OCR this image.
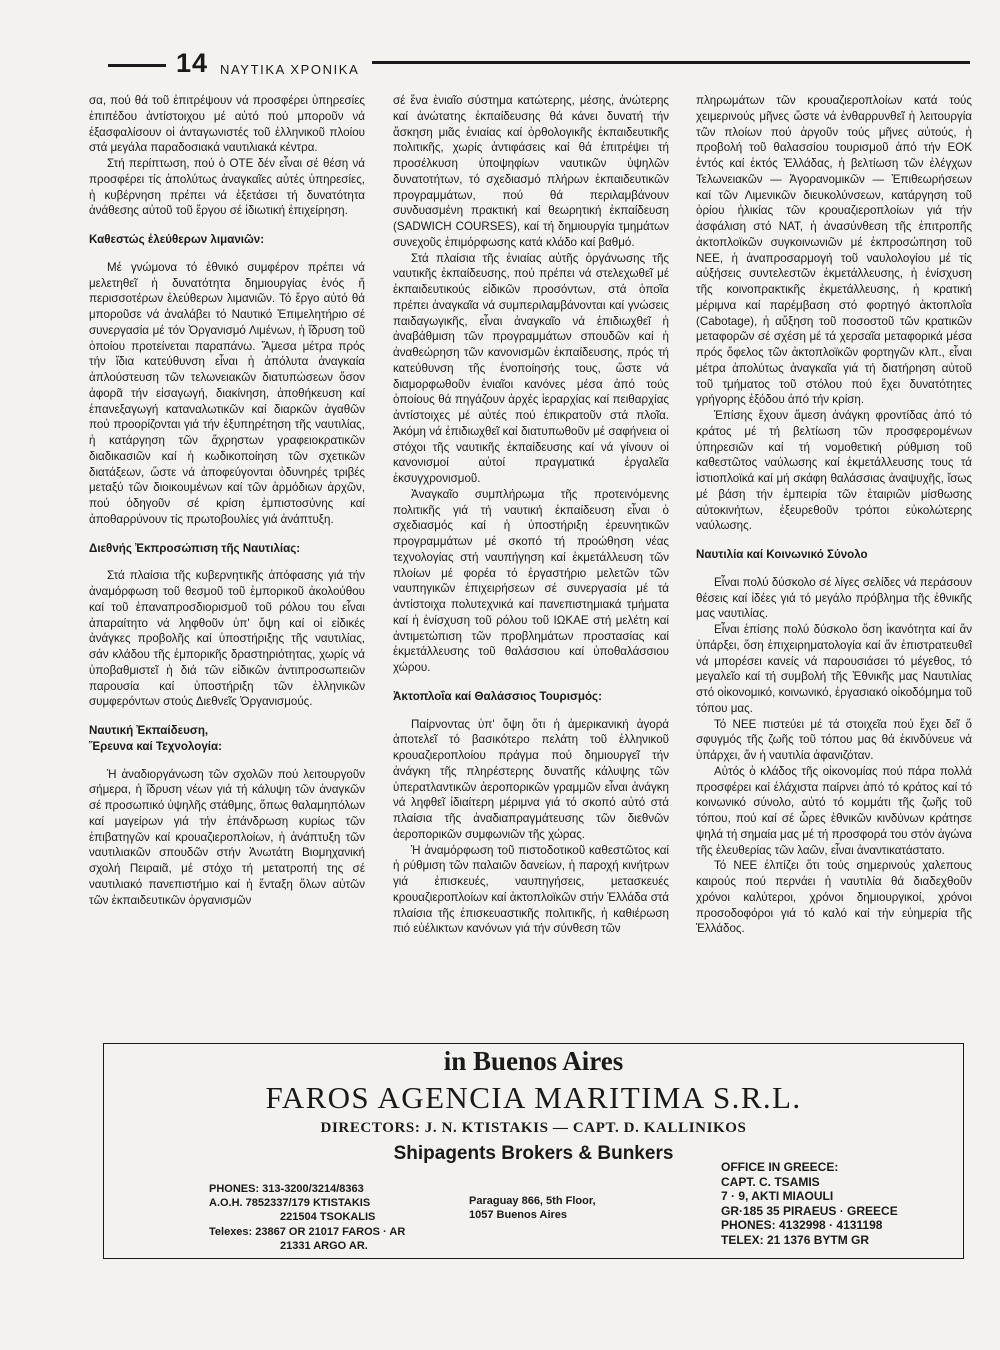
14 ΝΑΥΤΙΚΑ ΧΡΟΝΙΚΑ

σα, πού θά τοῦ ἐπιτρέψουν νά προσφέρει ὑπηρεσίες ἐπιπέδου ἀντίστοιχου μέ αὐτό πού μποροῦν νά ἐξασφαλίσουν οἱ ἀνταγωνιστές τοῦ ἑλληνικοῦ πλοίου στά μεγάλα παραδοσιακά ναυτιλιακά κέντρα.

Στή περίπτωση, πού ὁ ΟΤΕ δέν εἶναι σέ θέση νά προσφέρει τίς ἀπολύτως ἀναγκαῖες αὐτές ὑπηρεσίες, ἡ κυβέρνηση πρέπει νά ἐξετάσει τή δυνατότητα ἀνάθεσης αὐτοῦ τοῦ ἔργου σέ ἰδιωτική ἐπιχείρηση.

Καθεστώς ἐλεύθερων λιμανιῶν:

Μέ γνώμονα τό ἐθνικό συμφέρον πρέπει νά μελετηθεῖ ἡ δυνατότητα δημιουργίας ἑνός ἤ περισσοτέρων ἐλεύθερων λιμανιῶν. Τό ἔργο αὐτό θά μποροῦσε νά ἀναλάβει τό Ναυτικό Ἐπιμελητήριο σέ συνεργασία μέ τόν Ὀργανισμό Λιμένων, ἡ ἵδρυση τοῦ ὁποίου προτείνεται παραπάνω. Ἄμεσα μέτρα πρός τήν ἴδια κατεύθυνση εἶναι ἡ ἀπόλυτα ἀναγκαία ἀπλούστευση τῶν τελωνειακῶν διατυπώσεων ὅσον ἀφορᾶ τήν εἰσαγωγή, διακίνηση, ἀποθήκευση καί ἐπανεξαγωγή καταναλωτικῶν καί διαρκῶν ἀγαθῶν πού προορίζονται γιά τήν ἐξυπηρέτηση τῆς ναυτιλίας, ἡ κατάργηση τῶν ἄχρηστων γραφειοκρατικῶν διαδικασιῶν καί ἡ κωδικοποίηση τῶν σχετικῶν διατάξεων, ὥστε νά ἀποφεύγονται ὀδυνηρές τριβές μεταξύ τῶν διοικουμένων καί τῶν ἁρμόδιων ἀρχῶν, πού ὁδηγοῦν σέ κρίση ἐμπιστοσύνης καί ἀποθαρρύνουν τίς πρωτοβουλίες γιά ἀνάπτυξη.

Διεθνής Ἐκπροσώπιση τῆς Ναυτιλίας:

Στά πλαίσια τῆς κυβερνητικῆς ἀπόφασης γιά τήν ἀναμόρφωση τοῦ θεσμοῦ τοῦ ἐμπορικοῦ ἀκολούθου καί τοῦ ἐπαναπροσδιορισμοῦ τοῦ ρόλου του εἶναι ἀπαραίτητο νά ληφθοῦν ὑπ' ὄψη καί οἱ εἰδικές ἀνάγκες προβολῆς καί ὑποστήριξης τῆς ναυτιλίας, σάν κλάδου τῆς ἐμπορικῆς δραστηριότητας, χωρίς νά ὑποβαθμιστεῖ ἡ διά τῶν εἰδικῶν ἀντιπροσωπειῶν παρουσία καί ὑποστήριξη τῶν ἑλληνικῶν συμφερόντων στούς Διεθνεῖς Ὀργανισμούς.

Ναυτική Ἐκπαίδευση,
Ἔρευνα καί Τεχνολογία:

Ἡ ἀναδιοργάνωση τῶν σχολῶν πού λειτουργοῦν σήμερα, ἡ ἵδρυση νέων γιά τή κάλυψη τῶν ἀναγκῶν σέ προσωπικό ὑψηλῆς στάθμης, ὅπως θαλαμηπόλων καί μαγείρων γιά τήν ἐπάνδρωση κυρίως τῶν ἐπιβατηγῶν καί κρουαζιεροπλοίων, ἡ ἀνάπτυξη τῶν ναυτιλιακῶν σπουδῶν στήν Ἀνωτάτη Βιομηχανική σχολή Πειραιᾶ, μέ στόχο τή μετατροπή της σέ ναυτιλιακό πανεπιστήμιο καί ἡ ἔνταξη ὅλων αὐτῶν τῶν ἐκπαιδευτικῶν ὀργανισμῶν

σέ ἕνα ἑνιαῖο σύστημα κατώτερης, μέσης, ἀνώτερης καί ἀνώτατης ἐκπαίδευσης θά κάνει δυνατή τήν ἄσκηση μιᾶς ἑνιαίας καί ὀρθολογικῆς ἐκπαιδευτικῆς πολιτικῆς, χωρίς ἀντιφάσεις καί θά ἐπιτρέψει τή προσέλκυση ὑποψηφίων ναυτικῶν ὑψηλῶν δυνατοτήτων, τό σχεδιασμό πλήρων ἐκπαιδευτικῶν προγραμμάτων, πού θά περιλαμβάνουν συνδυασμένη πρακτική καί θεωρητική ἐκπαίδευση (SADWICH COURSES), καί τή δημιουργία τμημάτων συνεχοῦς ἐπιμόρφωσης κατά κλάδο καί βαθμό.

Στά πλαίσια τῆς ἑνιαίας αὐτῆς ὀργάνωσης τῆς ναυτικῆς ἐκπαίδευσης, πού πρέπει νά στελεχωθεῖ μέ ἐκπαιδευτικούς εἰδικῶν προσόντων, στά ὁποῖα πρέπει ἀναγκαῖα νά συμπεριλαμβάνονται καί γνώσεις παιδαγωγικῆς, εἶναι ἀναγκαῖο νά ἐπιδιωχθεῖ ἡ ἀναβάθμιση τῶν προγραμμάτων σπουδῶν καί ἡ ἀναθεώρηση τῶν κανονισμῶν ἐκπαίδευσης, πρός τή κατεύθυνση τῆς ἑνοποίησής τους, ὥστε νά διαμορφωθοῦν ἑνιαῖοι κανόνες μέσα ἀπό τούς ὁποίους θά πηγάζουν ἀρχές ἱεραρχίας καί πειθαρχίας ἀντίστοιχες μέ αὐτές πού ἐπικρατοῦν στά πλοῖα. Ἀκόμη νά ἐπιδιωχθεῖ καί διατυπωθοῦν μέ σαφήνεια οἱ στόχοι τῆς ναυτικῆς ἐκπαίδευσης καί νά γίνουν οἱ κανονισμοί αὐτοί πραγματικά ἐργαλεῖα ἐκσυγχρονισμοῦ.

Ἀναγκαῖο συμπλήρωμα τῆς προτεινόμενης πολιτικῆς γιά τή ναυτική ἐκπαίδευση εἶναι ὁ σχεδιασμός καί ἡ ὑποστήριξη ἐρευνητικῶν προγραμμάτων μέ σκοπό τή προώθηση νέας τεχνολογίας στή ναυπήγηση καί ἐκμετάλλευση τῶν πλοίων μέ φορέα τό ἐργαστήριο μελετῶν τῶν ναυπηγικῶν ἐπιχειρήσεων σέ συνεργασία μέ τά ἀντίστοιχα πολυτεχνικά καί πανεπιστημιακά τμήματα καί ἡ ἐνίσχυση τοῦ ρόλου τοῦ ΙΩΚΑΕ στή μελέτη καί ἀντιμετώπιση τῶν προβλημάτων προστασίας καί ἐκμετάλλευσης τοῦ θαλάσσιου καί ὑποθαλάσσιου χώρου.

Ἀκτοπλοΐα καί Θαλάσσιος Τουρισμός:

Παίρνοντας ὑπ' ὄψη ὅτι ἡ ἀμερικανική ἀγορά ἀποτελεῖ τό βασικότερο πελάτη τοῦ ἑλληνικοῦ κρουαζιεροπλοίου πράγμα πού δημιουργεῖ τήν ἀνάγκη τῆς πληρέστερης δυνατῆς κάλυψης τῶν ὑπερατλαντικῶν ἀεροπορικῶν γραμμῶν εἶναι ἀνάγκη νά ληφθεῖ ἰδιαίτερη μέριμνα γιά τό σκοπό αὐτό στά πλαίσια τῆς ἀναδιαπραγμάτευσης τῶν διεθνῶν ἀεροπορικῶν συμφωνιῶν τῆς χώρας.

Ἡ ἀναμόρφωση τοῦ πιστοδοτικοῦ καθεστῶτος καί ἡ ρύθμιση τῶν παλαιῶν δανείων, ἡ παροχή κινήτρων γιά ἐπισκευές, ναυπηγήσεις, μετασκευές κρουαζιεροπλοίων καί ἀκτοπλοϊκῶν στήν Ἑλλάδα στά πλαίσια τῆς ἐπισκευαστικῆς πολιτικῆς, ἡ καθιέρωση πιό εὐέλικτων κανόνων γιά τήν σύνθεση τῶν

πληρωμάτων τῶν κρουαζιεροπλοίων κατά τούς χειμερινούς μῆνες ὥστε νά ἐνθαρρυνθεῖ ἡ λειτουργία τῶν πλοίων πού ἀργοῦν τούς μῆνες αὐτούς, ἡ προβολή τοῦ θαλασσίου τουρισμοῦ ἀπό τήν ΕΟΚ ἐντός καί ἐκτός Ἑλλάδας, ἡ βελτίωση τῶν ἐλέγχων Τελωνειακῶν — Ἀγορανομικῶν — Ἐπιθεωρήσεων καί τῶν Λιμενικῶν διευκολύνσεων, κατάργηση τοῦ ὁρίου ἡλικίας τῶν κρουαζιεροπλοίων γιά τήν ἀσφάλιση στό ΝΑΤ, ἡ ἀνασύνθεση τῆς ἐπιτροπῆς ἀκτοπλοϊκῶν συγκοινωνιῶν μέ ἐκπροσώπηση τοῦ ΝΕΕ, ἡ ἀναπροσαρμογή τοῦ ναυλολογίου μέ τίς αὐξήσεις συντελεστῶν ἐκμετάλλευσης, ἡ ἐνίσχυση τῆς κοινοπρακτικῆς ἐκμετάλλευσης, ἡ κρατική μέριμνα καί παρέμβαση στό φορτηγό ἀκτοπλοΐα (Cabotage), ἡ αὔξηση τοῦ ποσοστοῦ τῶν κρατικῶν μεταφορῶν σέ σχέση μέ τά χερσαῖα μεταφορικά μέσα πρός ὄφελος τῶν ἀκτοπλοϊκῶν φορτηγῶν κλπ., εἶναι μέτρα ἀπολύτως ἀναγκαῖα γιά τή διατήρηση αὐτοῦ τοῦ τμήματος τοῦ στόλου πού ἔχει δυνατότητες γρήγορης ἐξόδου ἀπό τήν κρίση.

Ἐπίσης ἔχουν ἄμεση ἀνάγκη φροντίδας ἀπό τό κράτος μέ τή βελτίωση τῶν προσφερομένων ὑπηρεσιῶν καί τή νομοθετική ρύθμιση τοῦ καθεστῶτος ναύλωσης καί ἐκμετάλλευσης τους τά ἱστιοπλοϊκά καί μή σκάφη θαλάσσιας ἀναψυχῆς, ἴσως μέ βάση τήν ἐμπειρία τῶν ἑταιριῶν μίσθωσης αὐτοκινήτων, ἐξευρεθοῦν τρόποι εὐκολώτερης ναύλωσης.

Ναυτιλία καί Κοινωνικό Σύνολο

Εἶναι πολύ δύσκολο σέ λίγες σελίδες νά περάσουν θέσεις καί ἰδέες γιά τό μεγάλο πρόβλημα τῆς ἐθνικῆς μας ναυτιλίας.

Εἶναι ἐπίσης πολύ δύσκολο ὅση ἱκανότητα καί ἄν ὑπάρξει, ὅση ἐπιχειρηματολογία καί ἄν ἐπιστρατευθεῖ νά μπορέσει κανείς νά παρουσιάσει τό μέγεθος, τό μεγαλεῖο καί τή συμβολή τῆς Ἐθνικῆς μας Ναυτιλίας στό οἰκονομικό, κοινωνικό, ἐργασιακό οἰκοδόμημα τοῦ τόπου μας.

Τό ΝΕΕ πιστεύει μέ τά στοιχεῖα πού ἔχει δεῖ ὅ σφυγμός τῆς ζωῆς τοῦ τόπου μας θά ἐκινδύνευε νά ὑπάρχει, ἄν ἡ ναυτιλία ἀφανιζόταν.

Αὐτός ὁ κλάδος τῆς οἰκονομίας πού πάρα πολλά προσφέρει καί ἐλάχιστα παίρνει ἀπό τό κράτος καί τό κοινωνικό σύνολο, αὐτό τό κομμάτι τῆς ζωῆς τοῦ τόπου, πού καί σέ ὧρες ἐθνικῶν κινδύνων κράτησε ψηλά τή σημαία μας μέ τή προσφορά του στόν ἀγώνα τῆς ἐλευθερίας τῶν λαῶν, εἶναι ἀναντικατάστατο.

Τό ΝΕΕ ἐλπίζει ὅτι τούς σημερινούς χαλεπους καιρούς πού περνάει ἡ ναυτιλία θά διαδεχθοῦν χρόνοι καλύτεροι, χρόνοι δημιουργικοί, χρόνοι προσοδοφόροι γιά τό καλό καί τήν εὐημερία τῆς Ἑλλάδος.

in Buenos Aires
FAROS AGENCIA MARITIMA S.R.L.
DIRECTORS: J. N. KTISTAKIS — CAPT. D. KALLINIKOS
Shipagents Brokers & Bunkers
PHONES: 313-3200/3214/8363
A.O.H. 7852337/179 KTISTAKIS
221504 TSOKALIS
Telexes: 23867 OR 21017 FAROS · AR
21331 ARGO AR.
Paraguay 866, 5th Floor,
1057 Buenos Aires
OFFICE IN GREECE:
CAPT. C. TSAMIS
7 · 9, AKTI MIAOULI
GR·185 35 PIRAEUS · GREECE
PHONES: 4132998 · 4131198
TELEX: 21 1376 BYTM GR
